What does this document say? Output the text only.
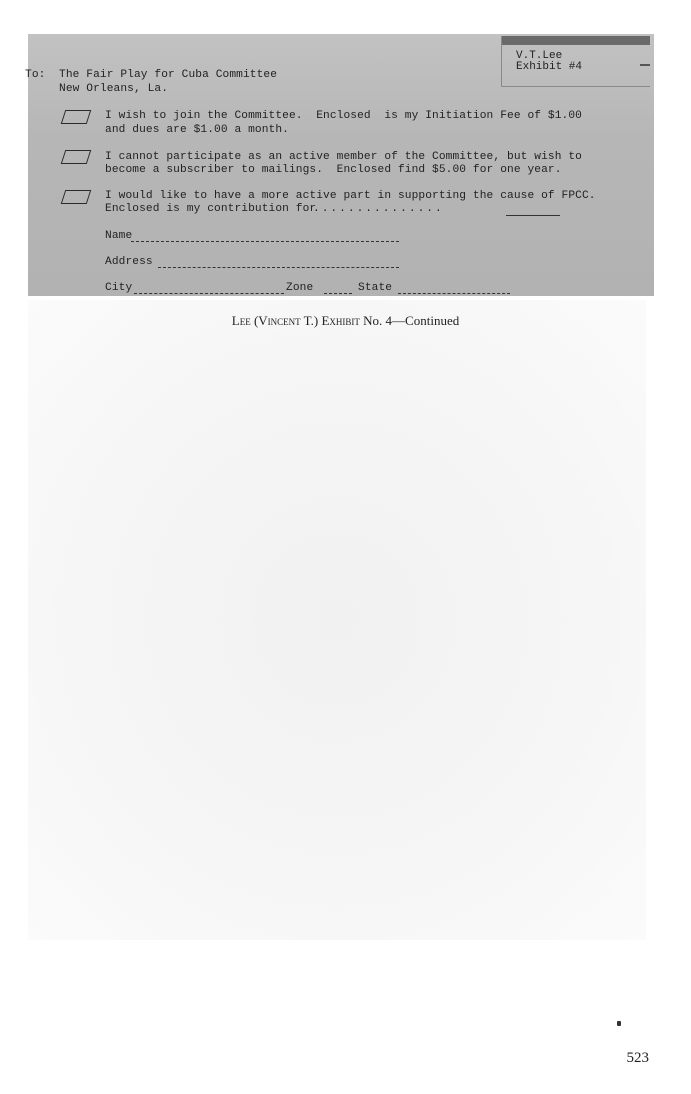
V.T.Lee
Exhibit #4
To: The Fair Play for Cuba Committee
New Orleans, La.
I wish to join the Committee.  Enclosed  is my Initiation Fee of $1.00
and dues are $1.00 a month.
I cannot participate as an active member of the Committee, but wish to
become a subscriber to mailings.  Enclosed find $5.00 for one year.
I would like to have a more active part in supporting the cause of FPCC.
Enclosed is my contribution for
...............
Name
Address
City	Zone	State
Lee (Vincent T.) Exhibit No. 4—Continued
523
